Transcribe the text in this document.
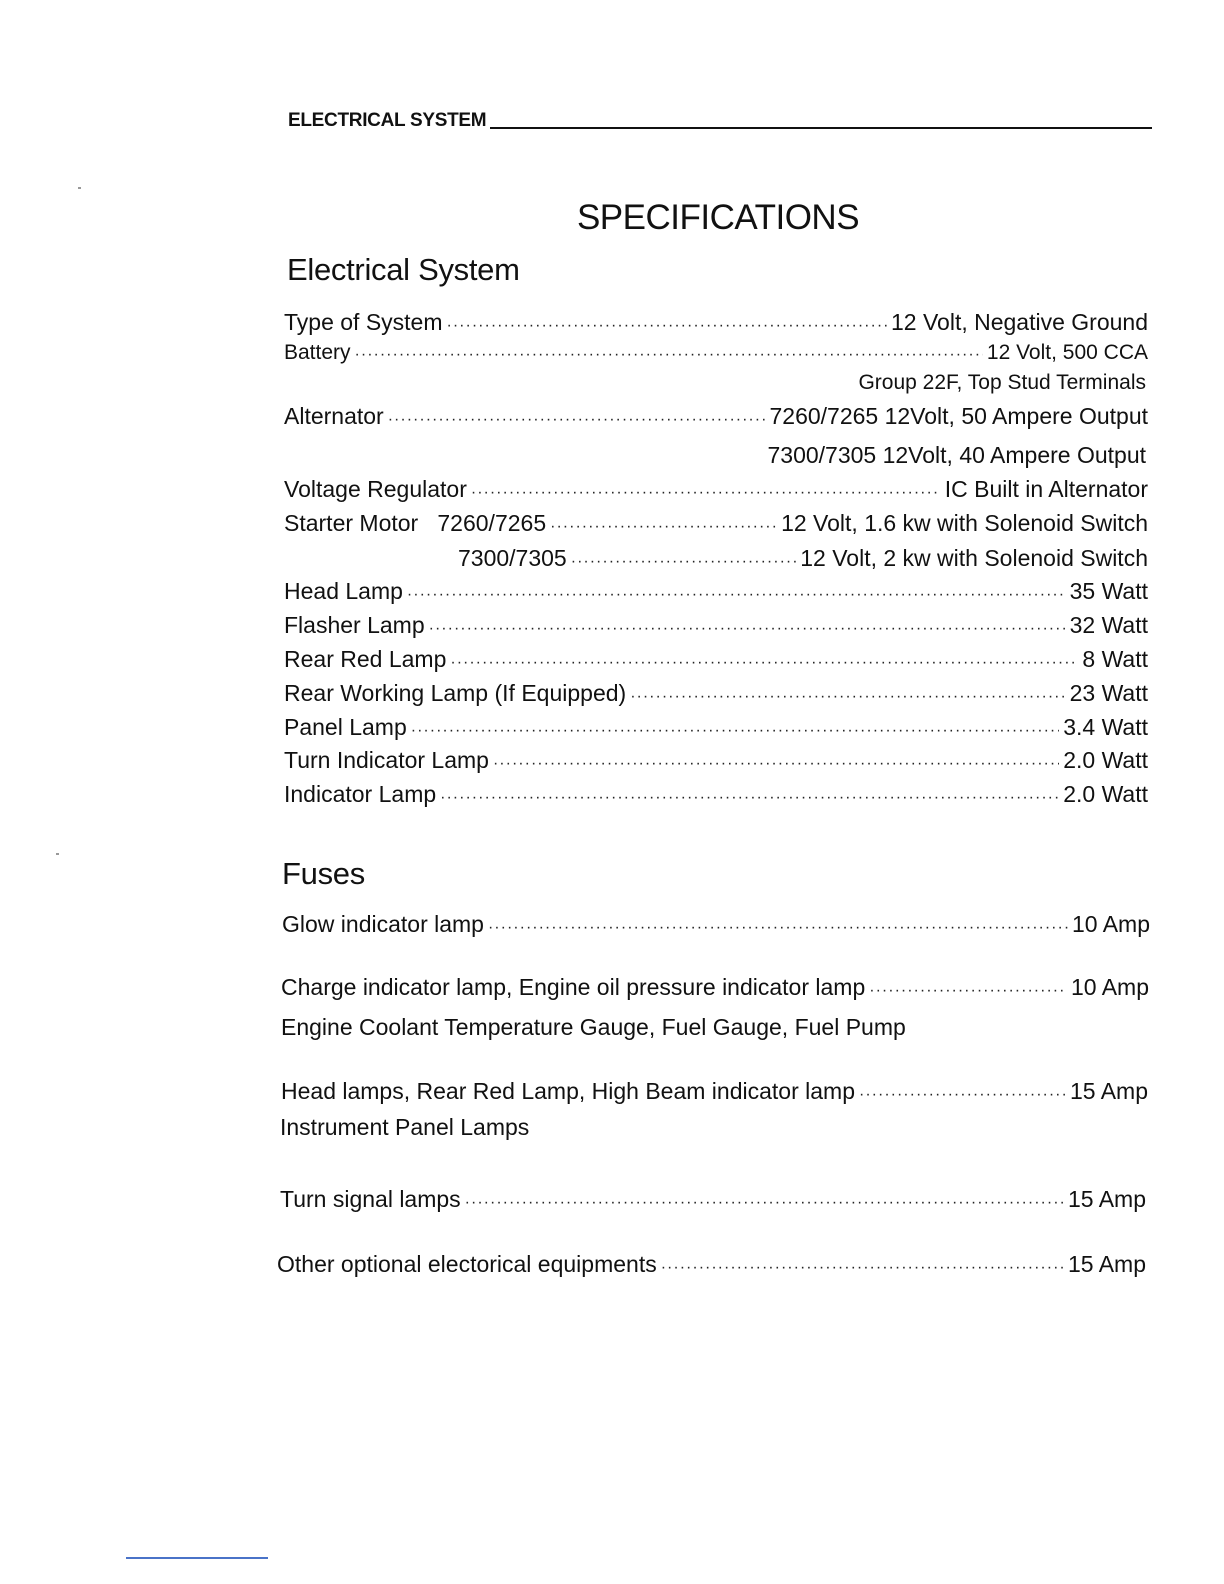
ELECTRICAL SYSTEM
SPECIFICATIONS
Electrical System
Type of System ·····	12 Volt, Negative Ground
Battery ·····	12 Volt, 500 CCA
Group 22F, Top Stud Terminals
Alternator ·····	7260/7265 12Volt, 50 Ampere Output
7300/7305 12Volt, 40 Ampere Output
Voltage Regulator ·····	IC Built in Alternator
Starter Motor 7260/7265 ·····	12 Volt, 1.6 kw with Solenoid Switch
7300/7305 ·····	12 Volt, 2 kw with Solenoid Switch
Head Lamp ·····	35 Watt
Flasher Lamp ·····	32 Watt
Rear Red Lamp ·····	8 Watt
Rear Working Lamp (If Equipped) ·····	23 Watt
Panel Lamp ·····	3.4 Watt
Turn Indicator Lamp ·····	2.0 Watt
Indicator Lamp ·····	2.0 Watt
Fuses
Glow indicator lamp ·····	10 Amp
Charge indicator lamp, Engine oil pressure indicator lamp ·····	10 Amp
Engine Coolant Temperature Gauge, Fuel Gauge, Fuel Pump
Head lamps, Rear Red Lamp, High Beam indicator lamp ·····	15 Amp
Instrument Panel Lamps
Turn signal lamps ·····	15 Amp
Other optional electorical equipments ·····	15 Amp
